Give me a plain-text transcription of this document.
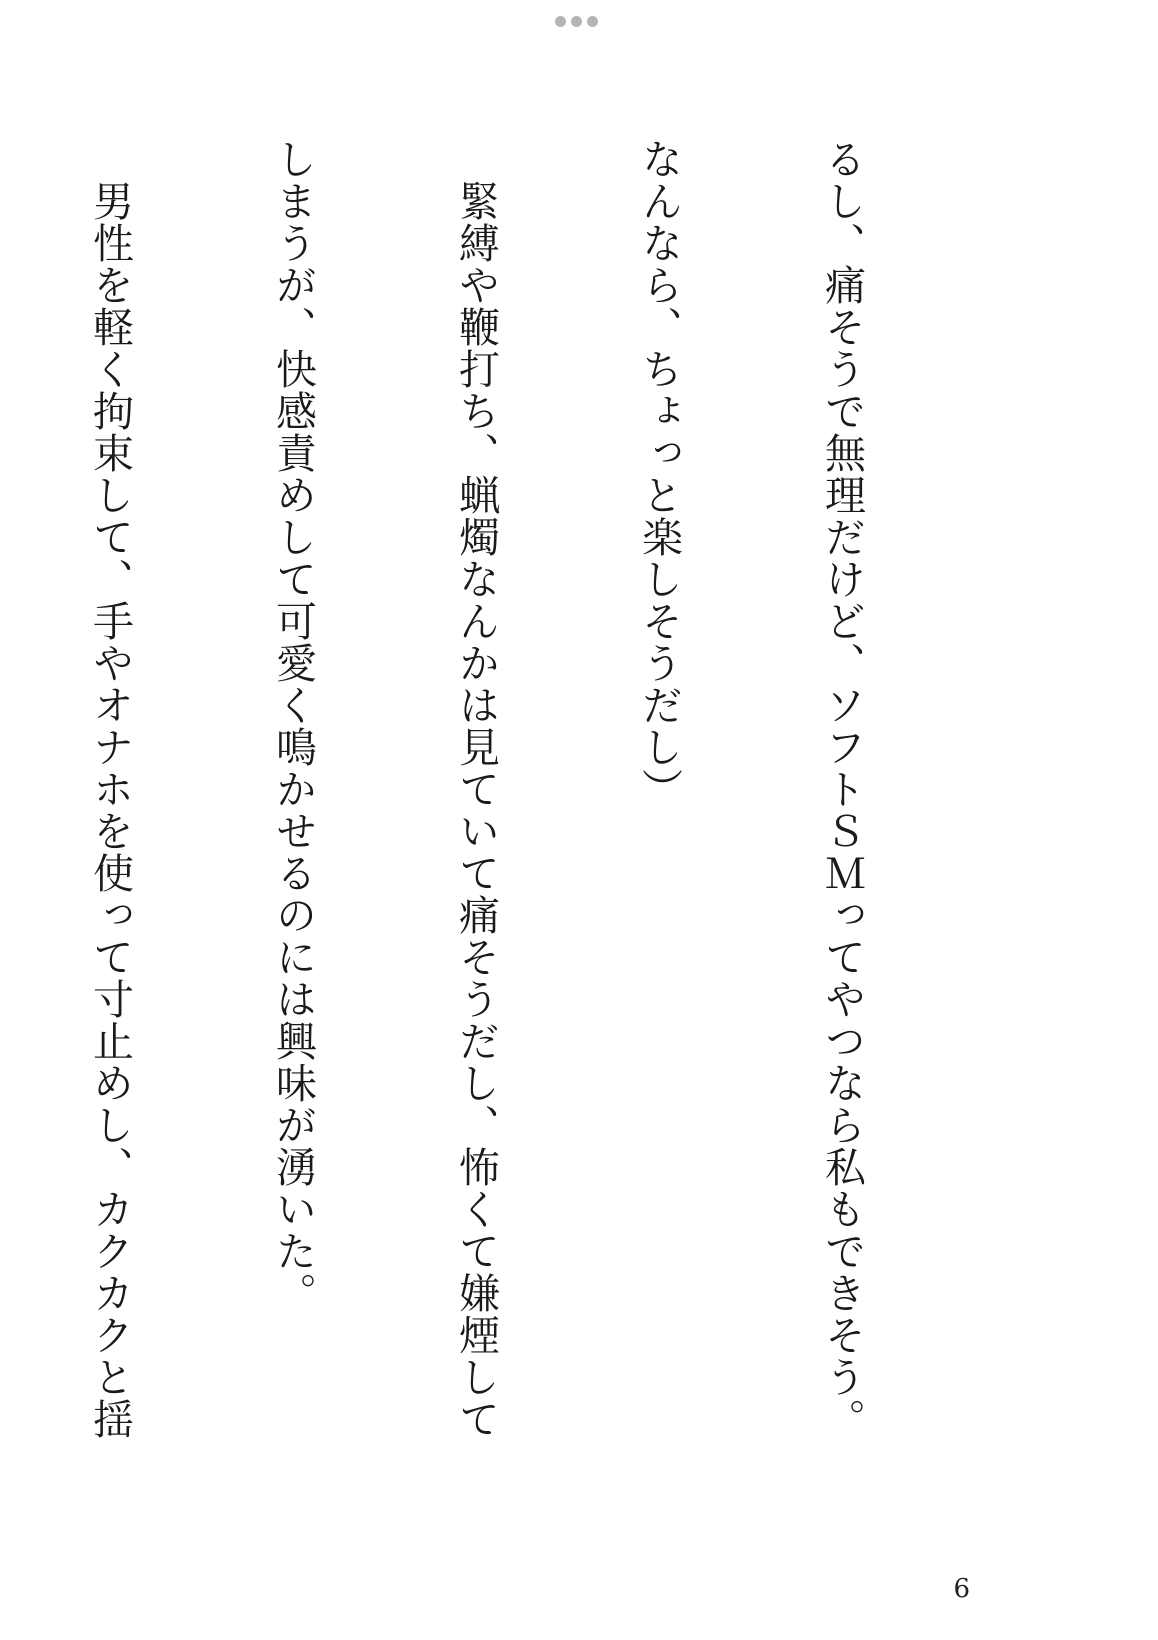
るし、痛そうで無理だけど、ソフトＳＭってやつなら私もできそう。

なんなら、ちょっと楽しそうだし）

　緊縛や鞭打ち、蝋燭なんかは見ていて痛そうだし、怖くて嫌煙して

しまうが、快感責めして可愛く鳴かせるのには興味が湧いた。

　男性を軽く拘束して、手やオナホを使って寸止めし、カクカクと揺

6
